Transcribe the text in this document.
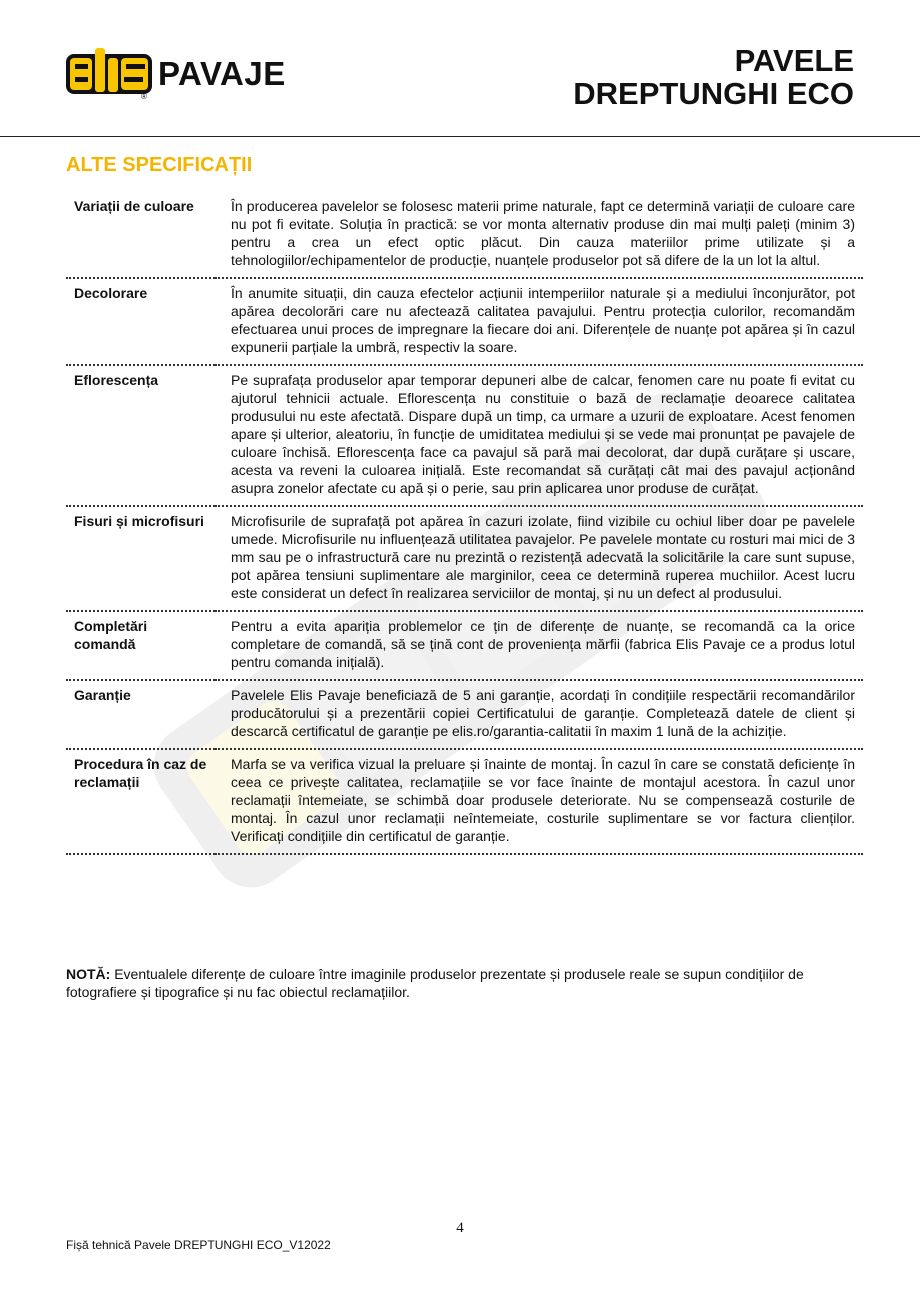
PAVAJE
®
PAVELE
DREPTUNGHI ECO
ALTE SPECIFICAȚII
Variații de culoare	În producerea pavelelor se folosesc materii prime naturale, fapt ce determină variații de culoare care nu pot fi evitate. Soluția în practică: se vor monta alternativ produse din mai mulți paleți (minim 3) pentru a crea un efect optic plăcut. Din cauza materiilor prime utilizate și a tehnologiilor/echipamentelor de producție, nuanțele produselor pot să difere de la un lot la altul.
Decolorare	În anumite situații, din cauza efectelor acțiunii intemperiilor naturale și a mediului înconjurător, pot apărea decolorări care nu afectează calitatea pavajului. Pentru protecția culorilor, recomandăm efectuarea unui proces de impregnare la fiecare doi ani. Diferențele de nuanțe pot apărea și în cazul expunerii parțiale la umbră, respectiv la soare.
Eflorescența	Pe suprafața produselor apar temporar depuneri albe de calcar, fenomen care nu poate fi evitat cu ajutorul tehnicii actuale. Eflorescența nu constituie o bază de reclamație deoarece calitatea produsului nu este afectată. Dispare după un timp, ca urmare a uzurii de exploatare. Acest fenomen apare și ulterior, aleatoriu, în funcție de umiditatea mediului și se vede mai pronunțat pe pavajele de culoare închisă. Eflorescența face ca pavajul să pară mai decolorat, dar după curățare și uscare, acesta va reveni la culoarea inițială. Este recomandat să curățați cât mai des pavajul acționând asupra zonelor afectate cu apă și o perie, sau prin aplicarea unor produse de curățat.
Fisuri și microfisuri	Microfisurile de suprafață pot apărea în cazuri izolate, fiind vizibile cu ochiul liber doar pe pavelele umede. Microfisurile nu influențează utilitatea pavajelor. Pe pavelele montate cu rosturi mai mici de 3 mm sau pe o infrastructură care nu prezintă o rezistență adecvată la solicitările la care sunt supuse, pot apărea tensiuni suplimentare ale marginilor, ceea ce determină ruperea muchiilor. Acest lucru este considerat un defect în realizarea serviciilor de montaj, și nu un defect al produsului.
Completări comandă	Pentru a evita apariția problemelor ce țin de diferențe de nuanțe, se recomandă ca la orice completare de comandă, să se țină cont de proveniența mărfii (fabrica Elis Pavaje ce a produs lotul pentru comanda inițială).
Garanție	Pavelele Elis Pavaje beneficiază de 5 ani garanție, acordați în condițiile respectării recomandărilor producătorului și a prezentării copiei Certificatului de garanție. Completează datele de client și descarcă certificatul de garanție pe elis.ro/garantia-calitatii în maxim 1 lună de la achiziție.
Procedura în caz de reclamații	Marfa se va verifica vizual la preluare și înainte de montaj. În cazul în care se constată deficiențe în ceea ce privește calitatea, reclamațiile se vor face înainte de montajul acestora. În cazul unor reclamații întemeiate, se schimbă doar produsele deteriorate. Nu se compensează costurile de montaj. În cazul unor reclamații neîntemeiate, costurile suplimentare se vor factura clienților. Verificați condițiile din certificatul de garanție.
NOTĂ: Eventualele diferențe de culoare între imaginile produselor prezentate și produsele reale se supun condițiilor de fotografiere și tipografice și nu fac obiectul reclamațiilor.
4
Fișă tehnică Pavele DREPTUNGHI ECO_V12022
